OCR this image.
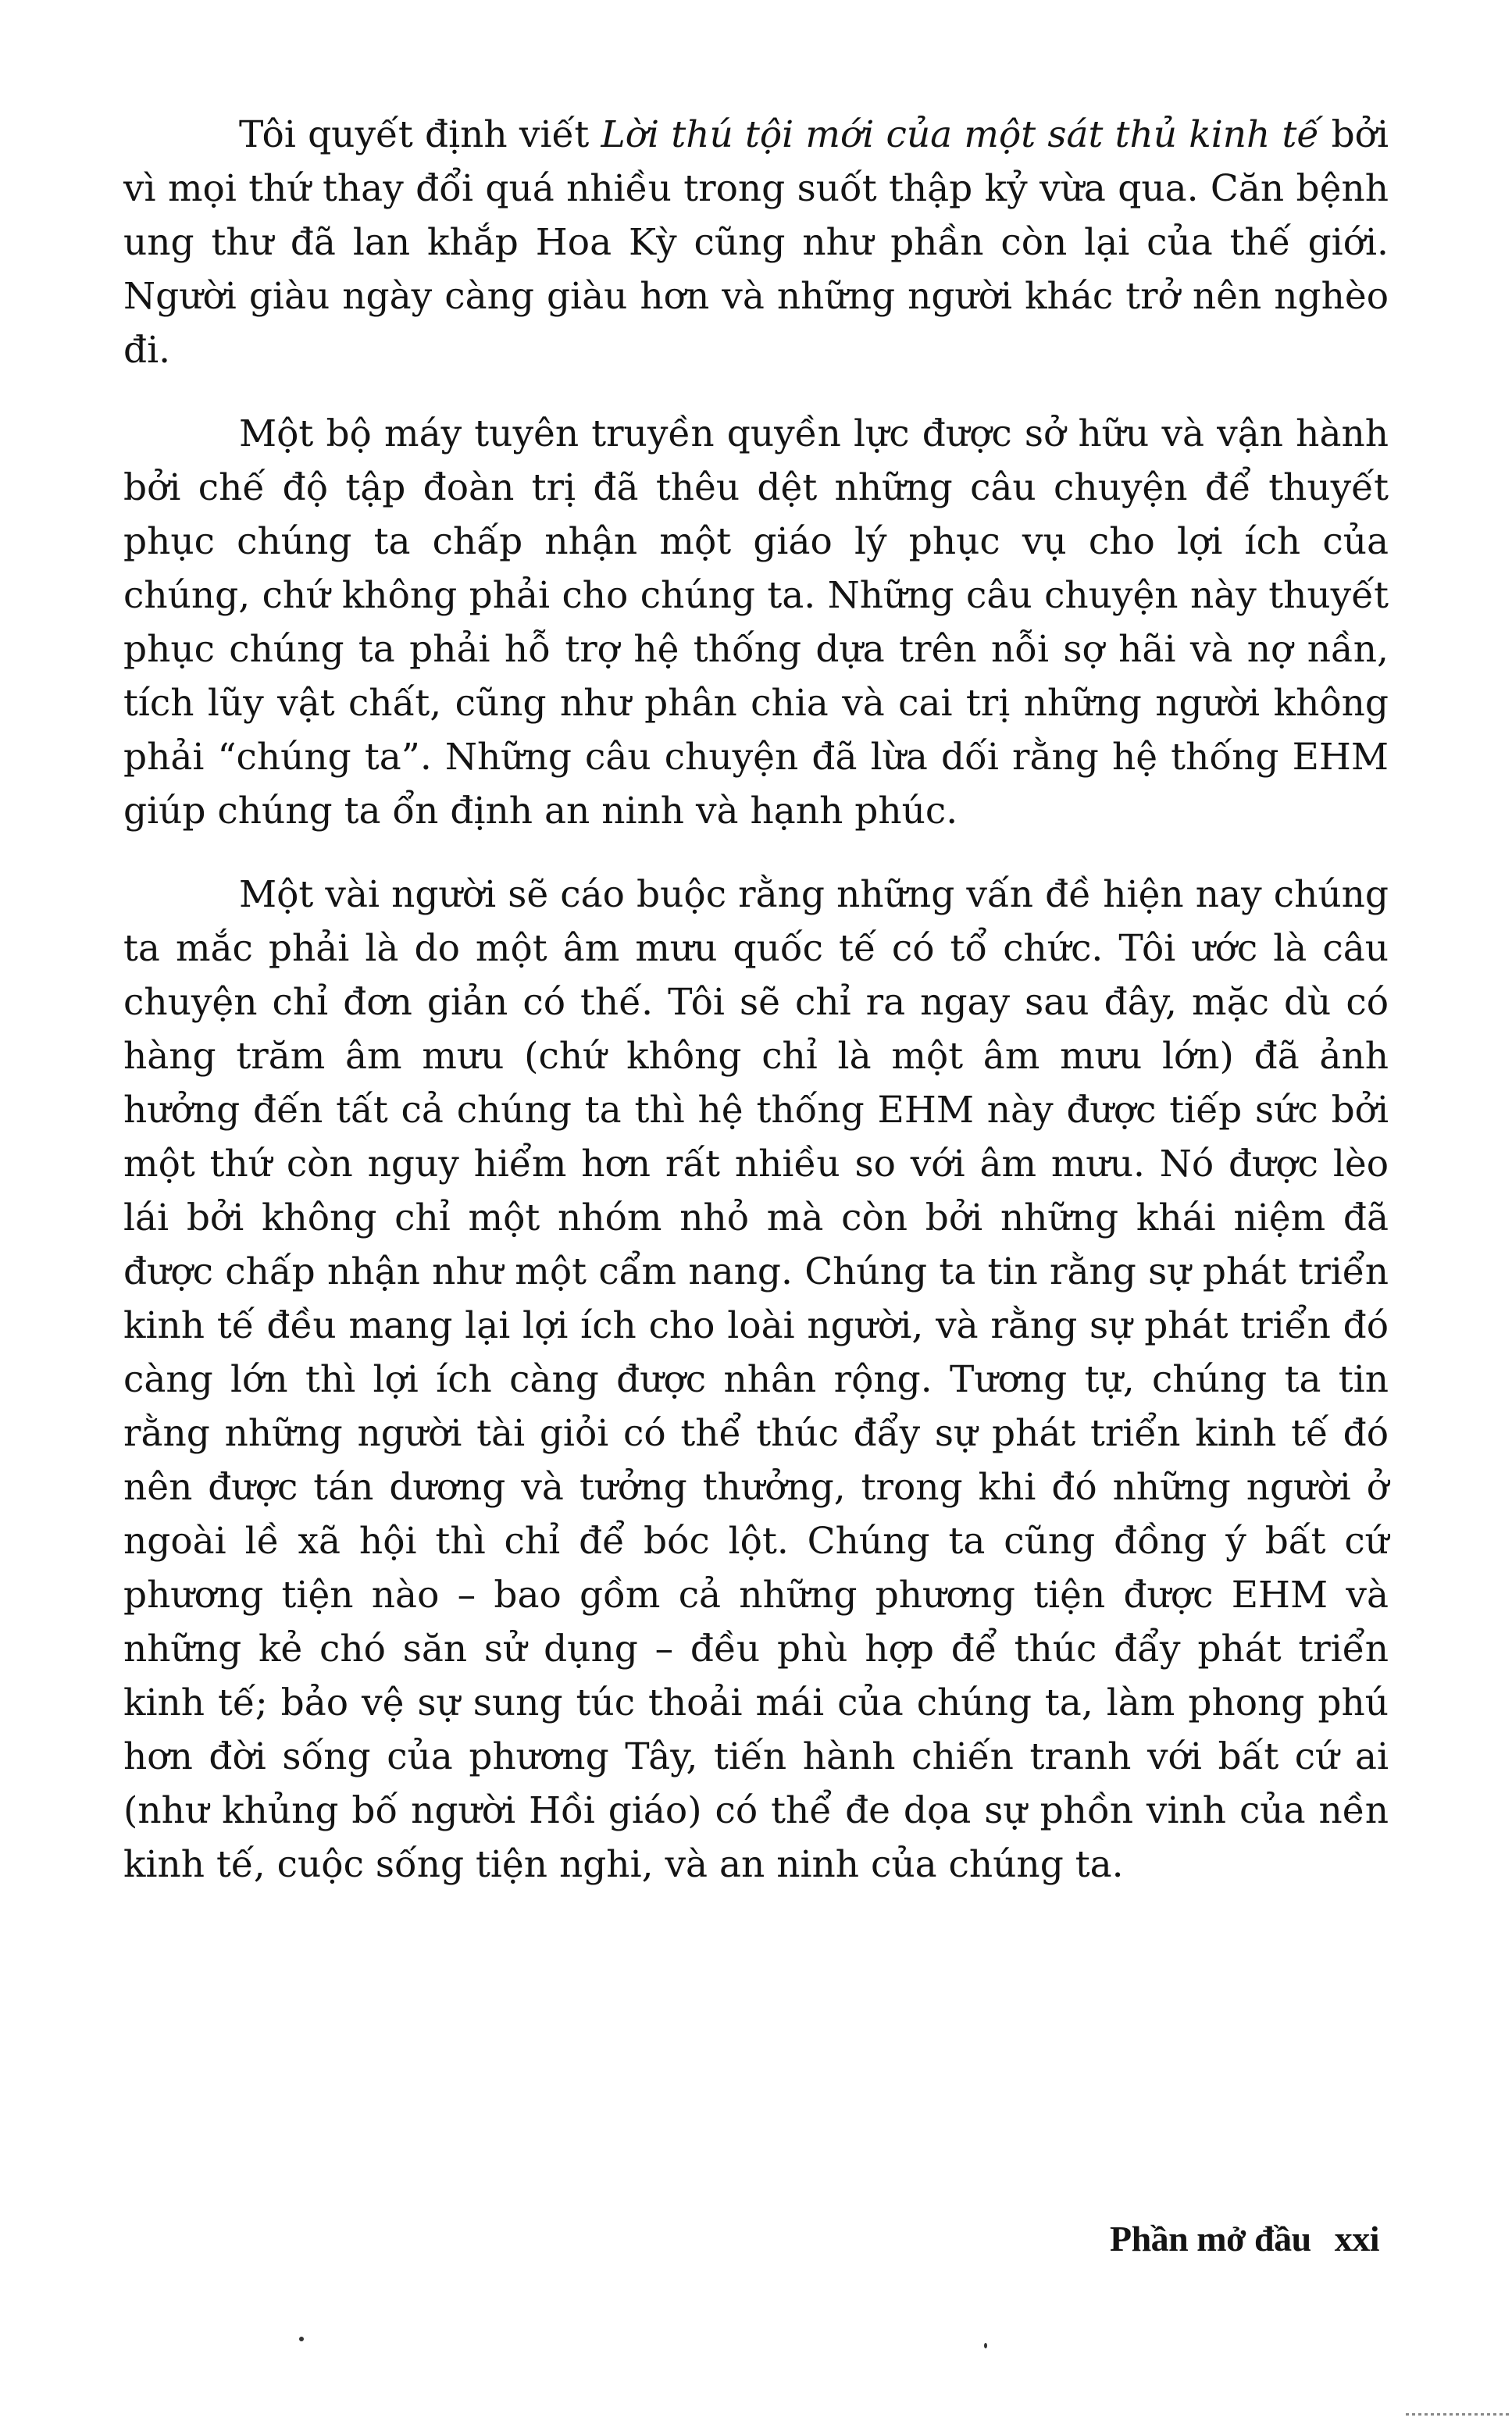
Tôi quyết định viết Lời thú tội mới của một sát thủ kinh tế bởi vì mọi thứ thay đổi quá nhiều trong suốt thập kỷ vừa qua. Căn bệnh ung thư đã lan khắp Hoa Kỳ cũng như phần còn lại của thế giới. Người giàu ngày càng giàu hơn và những người khác trở nên nghèo đi.

Một bộ máy tuyên truyền quyền lực được sở hữu và vận hành bởi chế độ tập đoàn trị đã thêu dệt những câu chuyện để thuyết phục chúng ta chấp nhận một giáo lý phục vụ cho lợi ích của chúng, chứ không phải cho chúng ta. Những câu chuyện này thuyết phục chúng ta phải hỗ trợ hệ thống dựa trên nỗi sợ hãi và nợ nần, tích lũy vật chất, cũng như phân chia và cai trị những người không phải “chúng ta”. Những câu chuyện đã lừa dối rằng hệ thống EHM giúp chúng ta ổn định an ninh và hạnh phúc.

Một vài người sẽ cáo buộc rằng những vấn đề hiện nay chúng ta mắc phải là do một âm mưu quốc tế có tổ chức. Tôi ước là câu chuyện chỉ đơn giản có thế. Tôi sẽ chỉ ra ngay sau đây, mặc dù có hàng trăm âm mưu (chứ không chỉ là một âm mưu lớn) đã ảnh hưởng đến tất cả chúng ta thì hệ thống EHM này được tiếp sức bởi một thứ còn nguy hiểm hơn rất nhiều so với âm mưu. Nó được lèo lái bởi không chỉ một nhóm nhỏ mà còn bởi những khái niệm đã được chấp nhận như một cẩm nang. Chúng ta tin rằng sự phát triển kinh tế đều mang lại lợi ích cho loài người, và rằng sự phát triển đó càng lớn thì lợi ích càng được nhân rộng. Tương tự, chúng ta tin rằng những người tài giỏi có thể thúc đẩy sự phát triển kinh tế đó nên được tán dương và tưởng thưởng, trong khi đó những người ở ngoài lề xã hội thì chỉ để bóc lột. Chúng ta cũng đồng ý bất cứ phương tiện nào – bao gồm cả những phương tiện được EHM và những kẻ chó săn sử dụng – đều phù hợp để thúc đẩy phát triển kinh tế; bảo vệ sự sung túc thoải mái của chúng ta, làm phong phú hơn đời sống của phương Tây, tiến hành chiến tranh với bất cứ ai (như khủng bố người Hồi giáo) có thể đe dọa sự phồn vinh của nền kinh tế, cuộc sống tiện nghi, và an ninh của chúng ta.

Phần mở đầu xxi
